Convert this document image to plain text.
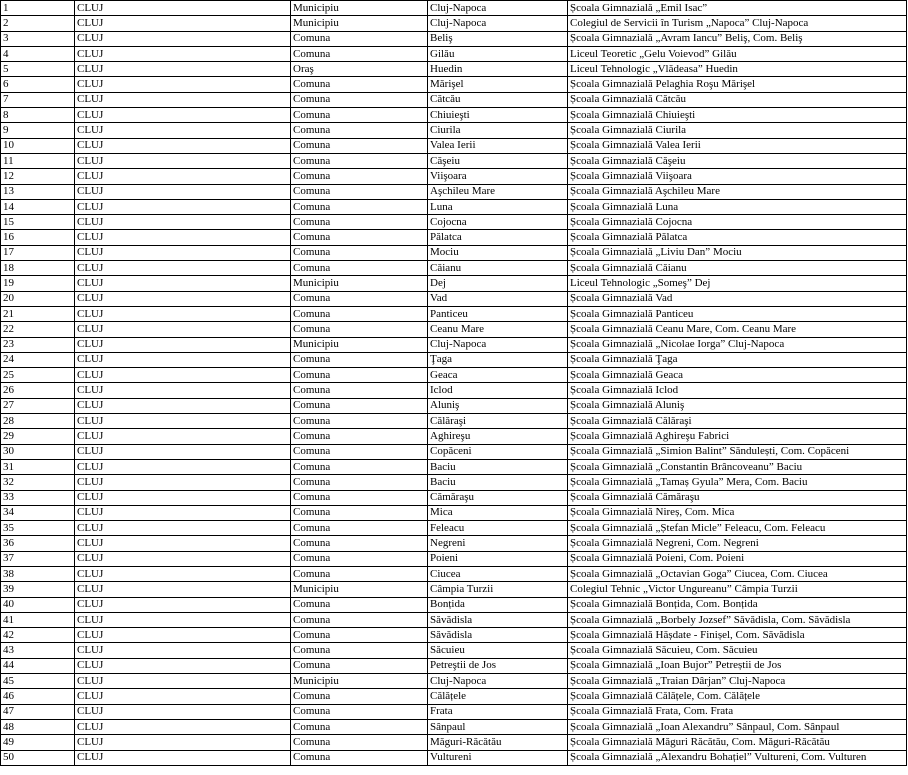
1	CLUJ	Municipiu	Cluj-Napoca	Școala Gimnazială „Emil Isac”
2	CLUJ	Municipiu	Cluj-Napoca	Colegiul de Servicii în Turism „Napoca” Cluj-Napoca
3	CLUJ	Comuna	Beliş	Școala Gimnazială „Avram Iancu” Beliş, Com. Beliş
4	CLUJ	Comuna	Gilău	Liceul Teoretic „Gelu Voievod” Gilău
5	CLUJ	Oraş	Huedin	Liceul Tehnologic „Vlădeasa” Huedin
6	CLUJ	Comuna	Mărişel	Școala Gimnazială Pelaghia Roşu Mărişel
7	CLUJ	Comuna	Cătcău	Școala Gimnazială Cătcău
8	CLUJ	Comuna	Chiuieşti	Școala Gimnazială Chiuieşti
9	CLUJ	Comuna	Ciurila	Școala Gimnazială Ciurila
10	CLUJ	Comuna	Valea Ierii	Școala Gimnazială Valea Ierii
11	CLUJ	Comuna	Căşeiu	Școala Gimnazială Căşeiu
12	CLUJ	Comuna	Viişoara	Școala Gimnazială Viişoara
13	CLUJ	Comuna	Aşchileu Mare	Școala Gimnazială Aşchileu Mare
14	CLUJ	Comuna	Luna	Școala Gimnazială Luna
15	CLUJ	Comuna	Cojocna	Școala Gimnazială Cojocna
16	CLUJ	Comuna	Pălatca	Școala Gimnazială Pălatca
17	CLUJ	Comuna	Mociu	Școala Gimnazială „Liviu Dan” Mociu
18	CLUJ	Comuna	Căianu	Școala Gimnazială Căianu
19	CLUJ	Municipiu	Dej	Liceul Tehnologic „Someş” Dej
20	CLUJ	Comuna	Vad	Școala Gimnazială Vad
21	CLUJ	Comuna	Panticeu	Școala Gimnazială Panticeu
22	CLUJ	Comuna	Ceanu Mare	Școala Gimnazială Ceanu Mare, Com. Ceanu Mare
23	CLUJ	Municipiu	Cluj-Napoca	Școala Gimnazială „Nicolae Iorga” Cluj-Napoca
24	CLUJ	Comuna	Ţaga	Școala Gimnazială Ţaga
25	CLUJ	Comuna	Geaca	Școala Gimnazială Geaca
26	CLUJ	Comuna	Iclod	Școala Gimnazială Iclod
27	CLUJ	Comuna	Aluniş	Școala Gimnazială Aluniş
28	CLUJ	Comuna	Călăraşi	Școala Gimnazială Călăraşi
29	CLUJ	Comuna	Aghireşu	Școala Gimnazială Aghireşu Fabrici
30	CLUJ	Comuna	Copăceni	Școala Gimnazială „Simion Balint” Săndulești, Com. Copăceni
31	CLUJ	Comuna	Baciu	Școala Gimnazială „Constantin Brâncoveanu” Baciu
32	CLUJ	Comuna	Baciu	Școala Gimnazială „Tamaș Gyula” Mera, Com. Baciu
33	CLUJ	Comuna	Cămăraşu	Școala Gimnazială Cămăraşu
34	CLUJ	Comuna	Mica	Școala Gimnazială Nireș, Com. Mica
35	CLUJ	Comuna	Feleacu	Școala Gimnazială „Ștefan Micle” Feleacu, Com. Feleacu
36	CLUJ	Comuna	Negreni	Școala Gimnazială Negreni, Com. Negreni
37	CLUJ	Comuna	Poieni	Școala Gimnazială Poieni, Com. Poieni
38	CLUJ	Comuna	Ciucea	Școala Gimnazială „Octavian Goga” Ciucea, Com. Ciucea
39	CLUJ	Municipiu	Câmpia Turzii	Colegiul Tehnic „Victor Ungureanu” Câmpia Turzii
40	CLUJ	Comuna	Bonțida	Școala Gimnazială Bonțida, Com. Bonțida
41	CLUJ	Comuna	Săvădisla	Școala Gimnazială „Borbely Jozsef” Săvădisla, Com. Săvădisla
42	CLUJ	Comuna	Săvădisla	Școala Gimnazială Hășdate - Finișel, Com. Săvădisla
43	CLUJ	Comuna	Săcuieu	Școala Gimnazială Săcuieu, Com. Săcuieu
44	CLUJ	Comuna	Petreştii de Jos	Școala Gimnazială „Ioan Bujor” Petreștii de Jos
45	CLUJ	Municipiu	Cluj-Napoca	Școala Gimnazială „Traian Dârjan” Cluj-Napoca
46	CLUJ	Comuna	Călățele	Școala Gimnazială Călățele, Com. Călățele
47	CLUJ	Comuna	Frata	Școala Gimnazială Frata, Com. Frata
48	CLUJ	Comuna	Sânpaul	Școala Gimnazială „Ioan Alexandru” Sânpaul, Com. Sânpaul
49	CLUJ	Comuna	Măguri-Răcătău	Școala Gimnazială Măguri Răcătău, Com. Măguri-Răcătău
50	CLUJ	Comuna	Vultureni	Școala Gimnazială „Alexandru Bohațiel” Vultureni, Com. Vulturen
